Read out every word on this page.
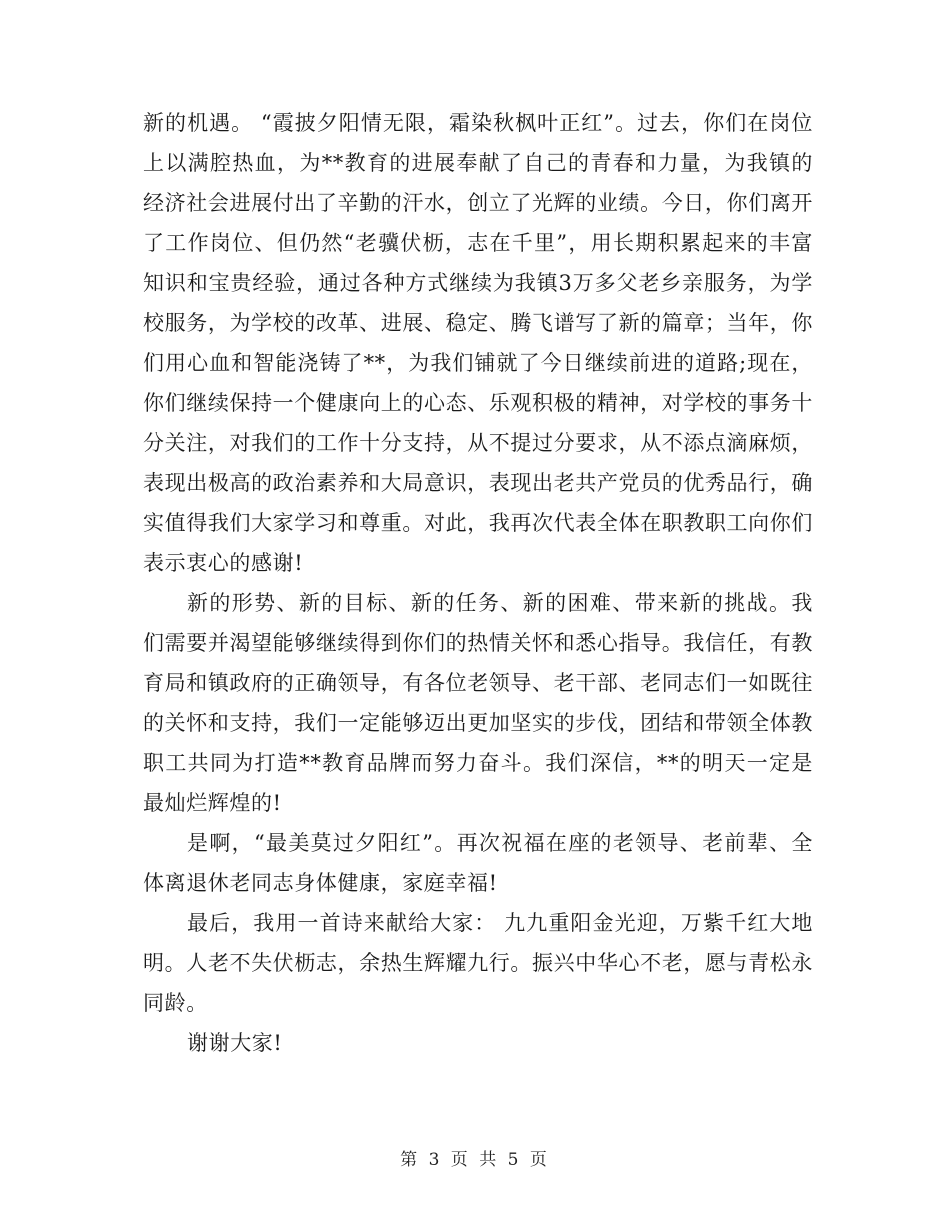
新的机遇。 “霞披夕阳情无限，霜染秋枫叶正红”。过去，你们在岗位上以满腔热血，为**教育的进展奉献了自己的青春和力量，为我镇的经济社会进展付出了辛勤的汗水，创立了光辉的业绩。今日，你们离开了工作岗位、但仍然“老骥伏枥，志在千里”，用长期积累起来的丰富知识和宝贵经验，通过各种方式继续为我镇3万多父老乡亲服务，为学校服务，为学校的改革、进展、稳定、腾飞谱写了新的篇章；当年，你们用心血和智能浇铸了**，为我们铺就了今日继续前进的道路;现在，你们继续保持一个健康向上的心态、乐观积极的精神，对学校的事务十分关注，对我们的工作十分支持，从不提过分要求，从不添点滴麻烦，表现出极高的政治素养和大局意识，表现出老共产党员的优秀品行，确实值得我们大家学习和尊重。对此，我再次代表全体在职教职工向你们表示衷心的感谢!

新的形势、新的目标、新的任务、新的困难、带来新的挑战。我们需要并渴望能够继续得到你们的热情关怀和悉心指导。我信任，有教育局和镇政府的正确领导，有各位老领导、老干部、老同志们一如既往的关怀和支持，我们一定能够迈出更加坚实的步伐，团结和带领全体教职工共同为打造**教育品牌而努力奋斗。我们深信，**的明天一定是最灿烂辉煌的!

是啊，“最美莫过夕阳红”。再次祝福在座的老领导、老前辈、全体离退休老同志身体健康，家庭幸福!

最后，我用一首诗来献给大家： 九九重阳金光迎，万紫千红大地明。人老不失伏枥志，余热生辉耀九行。振兴中华心不老，愿与青松永同龄。

谢谢大家!

第 3 页 共 5 页
